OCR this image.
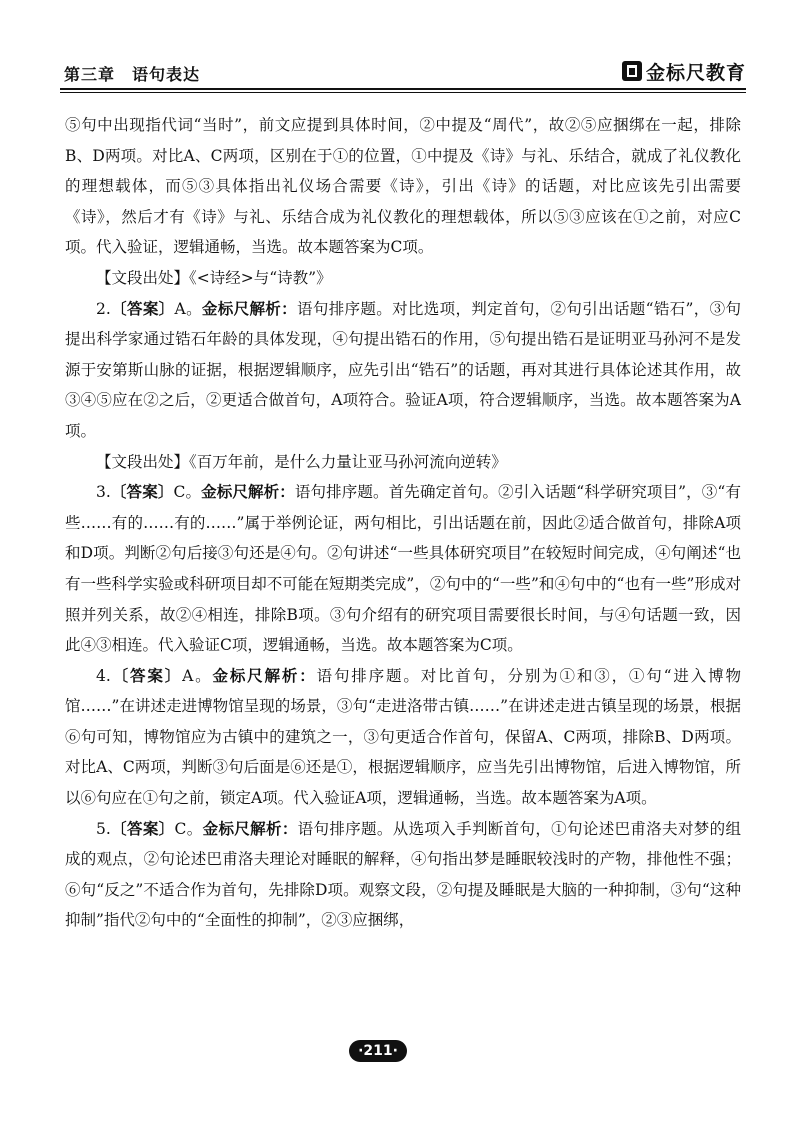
第三章　语句表达	金标尺教育

⑤句中出现指代词“当时”，前文应提到具体时间，②中提及“周代”，故②⑤应捆绑在一起，排除B、D两项。对比A、C两项，区别在于①的位置，①中提及《诗》与礼、乐结合，就成了礼仪教化的理想载体，而⑤③具体指出礼仪场合需要《诗》，引出《诗》的话题，对比应该先引出需要《诗》，然后才有《诗》与礼、乐结合成为礼仪教化的理想载体，所以⑤③应该在①之前，对应C项。代入验证，逻辑通畅，当选。故本题答案为C项。

【文段出处】《<诗经>与“诗教”》

2.〔答案〕A。金标尺解析：语句排序题。对比选项，判定首句，②句引出话题“锆石”，③句提出科学家通过锆石年龄的具体发现，④句提出锆石的作用，⑤句提出锆石是证明亚马孙河不是发源于安第斯山脉的证据，根据逻辑顺序，应先引出“锆石”的话题，再对其进行具体论述其作用，故③④⑤应在②之后，②更适合做首句，A项符合。验证A项，符合逻辑顺序，当选。故本题答案为A项。

【文段出处】《百万年前，是什么力量让亚马孙河流向逆转》

3.〔答案〕C。金标尺解析：语句排序题。首先确定首句。②引入话题“科学研究项目”，③“有些……有的……有的……”属于举例论证，两句相比，引出话题在前，因此②适合做首句，排除A项和D项。判断②句后接③句还是④句。②句讲述“一些具体研究项目”在较短时间完成，④句阐述“也有一些科学实验或科研项目却不可能在短期类完成”，②句中的“一些”和④句中的“也有一些”形成对照并列关系，故②④相连，排除B项。③句介绍有的研究项目需要很长时间，与④句话题一致，因此④③相连。代入验证C项，逻辑通畅，当选。故本题答案为C项。

4.〔答案〕A。金标尺解析：语句排序题。对比首句，分别为①和③，①句“进入博物馆……”在讲述走进博物馆呈现的场景，③句“走进洛带古镇……”在讲述走进古镇呈现的场景，根据⑥句可知，博物馆应为古镇中的建筑之一，③句更适合作首句，保留A、C两项，排除B、D两项。对比A、C两项，判断③句后面是⑥还是①，根据逻辑顺序，应当先引出博物馆，后进入博物馆，所以⑥句应在①句之前，锁定A项。代入验证A项，逻辑通畅，当选。故本题答案为A项。

5.〔答案〕C。金标尺解析：语句排序题。从选项入手判断首句，①句论述巴甫洛夫对梦的组成的观点，②句论述巴甫洛夫理论对睡眠的解释，④句指出梦是睡眠较浅时的产物，排他性不强；⑥句“反之”不适合作为首句，先排除D项。观察文段，②句提及睡眠是大脑的一种抑制，③句“这种抑制”指代②句中的“全面性的抑制”，②③应捆绑，

·211·
